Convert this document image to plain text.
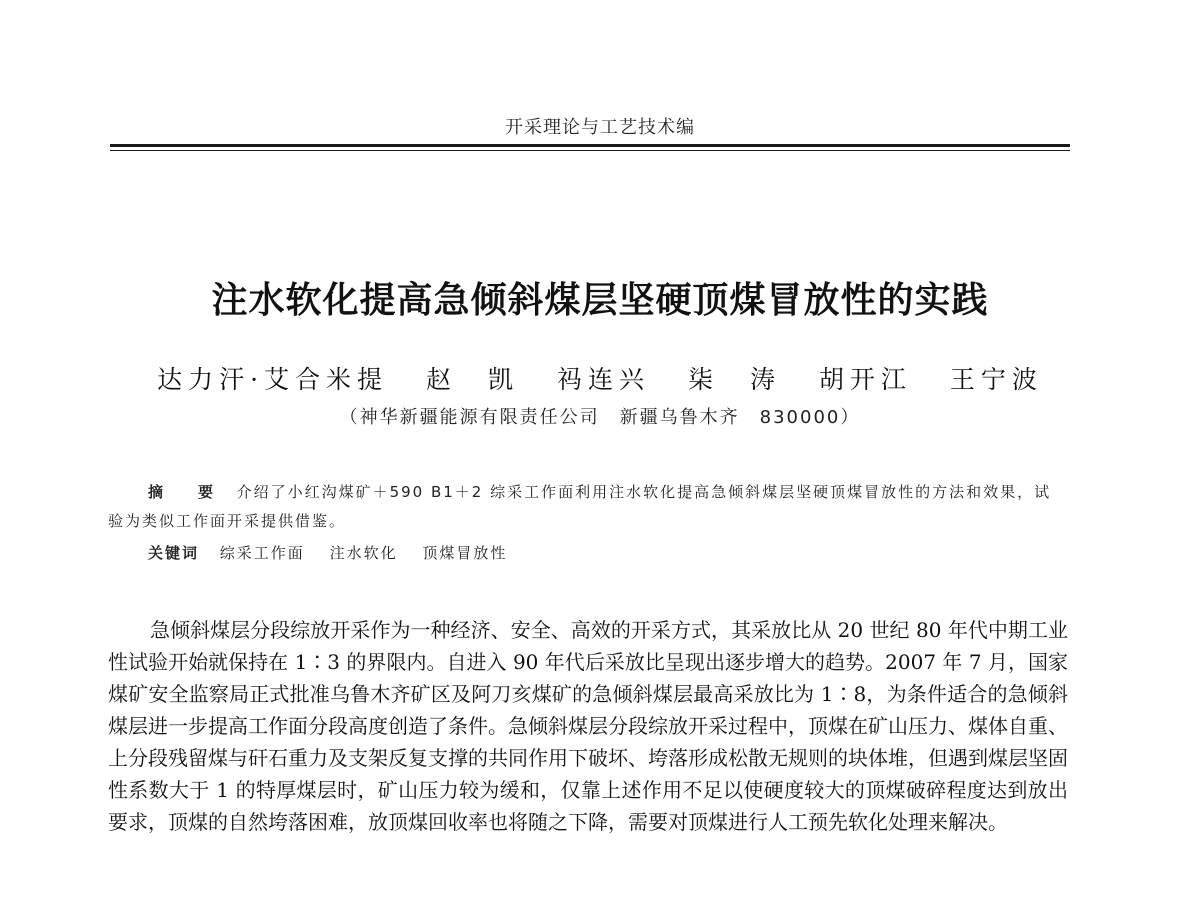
开采理论与工艺技术编
注水软化提高急倾斜煤层坚硬顶煤冒放性的实践
达力汗·艾合米提 赵　凯 祃连兴 柒　涛 胡开江 王宁波
（神华新疆能源有限责任公司　新疆乌鲁木齐　830000）
摘　要 介绍了小红沟煤矿＋590 B1＋2 综采工作面利用注水软化提高急倾斜煤层坚硬顶煤冒放性的方法和效果，试验为类似工作面开采提供借鉴。
关键词 综采工作面 注水软化 顶煤冒放性

急倾斜煤层分段综放开采作为一种经济、安全、高效的开采方式，其采放比从 20 世纪 80 年代中期工业性试验开始就保持在 1∶3 的界限内。自进入 90 年代后采放比呈现出逐步增大的趋势。2007 年 7 月，国家煤矿安全监察局正式批准乌鲁木齐矿区及阿刀亥煤矿的急倾斜煤层最高采放比为 1∶8，为条件适合的急倾斜煤层进一步提高工作面分段高度创造了条件。急倾斜煤层分段综放开采过程中，顶煤在矿山压力、煤体自重、上分段残留煤与矸石重力及支架反复支撑的共同作用下破坏、垮落形成松散无规则的块体堆，但遇到煤层坚固性系数大于 1 的特厚煤层时，矿山压力较为缓和，仅靠上述作用不足以使硬度较大的顶煤破碎程度达到放出要求，顶煤的自然垮落困难，放顶煤回收率也将随之下降，需要对顶煤进行人工预先软化处理来解决。
